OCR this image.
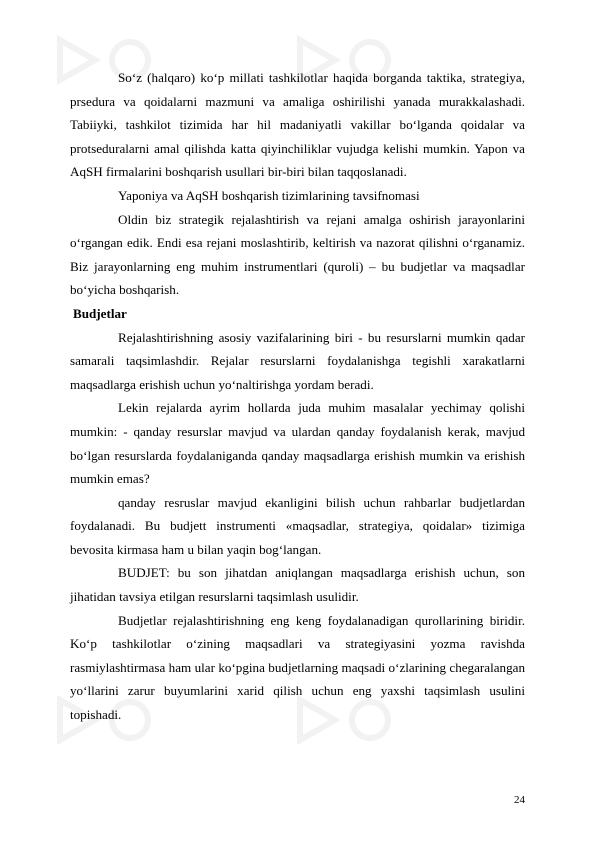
So‘z (halqaro) ko‘p millati tashkilotlar haqida borganda taktika, strategiya, prsedura va qoidalarni mazmuni va amaliga oshirilishi yanada murakkalashadi. Tabiiyki, tashkilot tizimida har hil madaniyatli vakillar bo‘lganda qoidalar va protseduralarni amal qilishda katta qiyinchiliklar vujudga kelishi mumkin. Yapon va AqSH firmalarini boshqarish usullari bir-biri bilan taqqoslanadi.

Yaponiya va AqSH boshqarish tizimlarining tavsifnomasi

Oldin biz strategik rejalashtirish va rejani amalga oshirish jarayonlarini o‘rgangan edik. Endi esa rejani moslashtirib, keltirish va nazorat qilishni o‘rganamiz. Biz jarayonlarning eng muhim instrumentlari (quroli) – bu budjetlar va maqsadlar bo‘yicha boshqarish.

Budjetlar

Rejalashtirishning asosiy vazifalarining biri - bu resurslarni mumkin qadar samarali taqsimlashdir. Rejalar resurslarni foydalanishga tegishli xarakatlarni maqsadlarga erishish uchun yo‘naltirishga yordam beradi.

Lekin rejalarda ayrim hollarda juda muhim masalalar yechimay qolishi mumkin: - qanday resurslar mavjud va ulardan qanday foydalanish kerak, mavjud bo‘lgan resurslarda foydalaniganda qanday maqsadlarga erishish mumkin va erishish mumkin emas?

qanday resruslar mavjud ekanligini bilish uchun rahbarlar budjetlardan foydalanadi. Bu budjett instrumenti «maqsadlar, strategiya, qoidalar» tizimiga bevosita kirmasa ham u bilan yaqin bog‘langan.

BUDJET: bu son jihatdan aniqlangan maqsadlarga erishish uchun, son jihatidan tavsiya etilgan resurslarni taqsimlash usulidir.

Budjetlar rejalashtirishning eng keng foydalanadigan qurollarining biridir. Ko‘p tashkilotlar o‘zining maqsadlari va strategiyasini yozma ravishda rasmiylashtirmasa ham ular ko‘pgina budjetlarning maqsadi o‘zlarining chegaralangan yo‘llarini zarur buyumlarini xarid qilish uchun eng yaxshi taqsimlash usulini topishadi.

24
